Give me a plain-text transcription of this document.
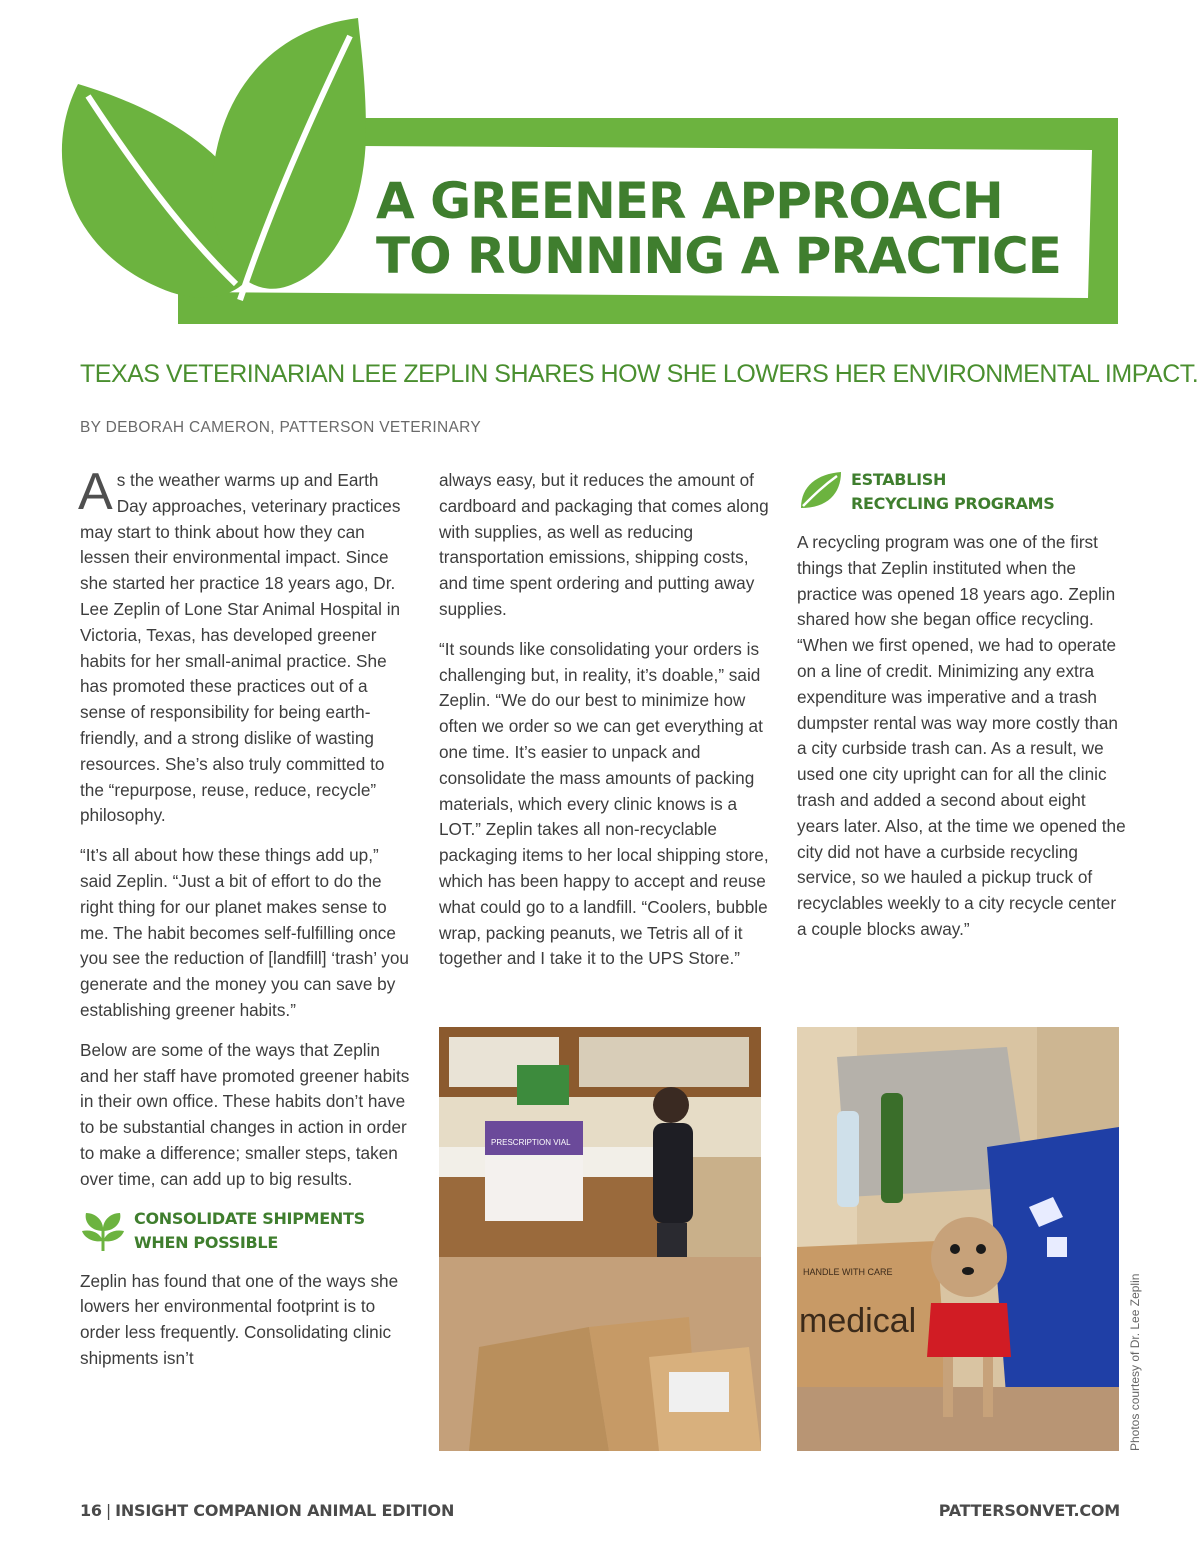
A GREENER APPROACH
TO RUNNING A PRACTICE
TEXAS VETERINARIAN LEE ZEPLIN SHARES HOW SHE LOWERS HER ENVIRONMENTAL IMPACT.
BY DEBORAH CAMERON, PATTERSON VETERINARY

As the weather warms up and Earth Day approaches, veterinary practices may start to think about how they can lessen their environmental impact. Since she started her practice 18 years ago, Dr. Lee Zeplin of Lone Star Animal Hospital in Victoria, Texas, has developed greener habits for her small-animal practice. She has promoted these practices out of a sense of responsibility for being earth-friendly, and a strong dislike of wasting resources. She’s also truly committed to the “repurpose, reuse, reduce, recycle” philosophy.

“It’s all about how these things add up,” said Zeplin. “Just a bit of effort to do the right thing for our planet makes sense to me. The habit becomes self-fulfilling once you see the reduction of [landfill] ‘trash’ you generate and the money you can save by establishing greener habits.”

Below are some of the ways that Zeplin and her staff have promoted greener habits in their own office. These habits don’t have to be substantial changes in action in order to make a difference; smaller steps, taken over time, can add up to big results.

CONSOLIDATE SHIPMENTS
WHEN POSSIBLE

Zeplin has found that one of the ways she lowers her environmental footprint is to order less frequently. Consolidating clinic shipments isn’t

always easy, but it reduces the amount of cardboard and packaging that comes along with supplies, as well as reducing transportation emissions, shipping costs, and time spent ordering and putting away supplies.

“It sounds like consolidating your orders is challenging but, in reality, it’s doable,” said Zeplin. “We do our best to minimize how often we order so we can get everything at one time. It’s easier to unpack and consolidate the mass amounts of packing materials, which every clinic knows is a LOT.” Zeplin takes all non-recyclable packaging items to her local shipping store, which has been happy to accept and reuse what could go to a landfill. “Coolers, bubble wrap, packing peanuts, we Tetris all of it together and I take it to the UPS Store.”

ESTABLISH
RECYCLING PROGRAMS

A recycling program was one of the first things that Zeplin instituted when the practice was opened 18 years ago. Zeplin shared how she began office recycling. “When we first opened, we had to operate on a line of credit. Minimizing any extra expenditure was imperative and a trash dumpster rental was way more costly than a city curbside trash can. As a result, we used one city upright can for all the clinic trash and added a second about eight years later. Also, at the time we opened the city did not have a curbside recycling service, so we hauled a pickup truck of recyclables weekly to a city recycle center a couple blocks away.”

PRESCRIPTION VIAL
HANDLE WITH CARE
medical	Photos courtesy of Dr. Lee Zeplin
16 | INSIGHT COMPANION ANIMAL EDITION	PATTERSONVET.COM
